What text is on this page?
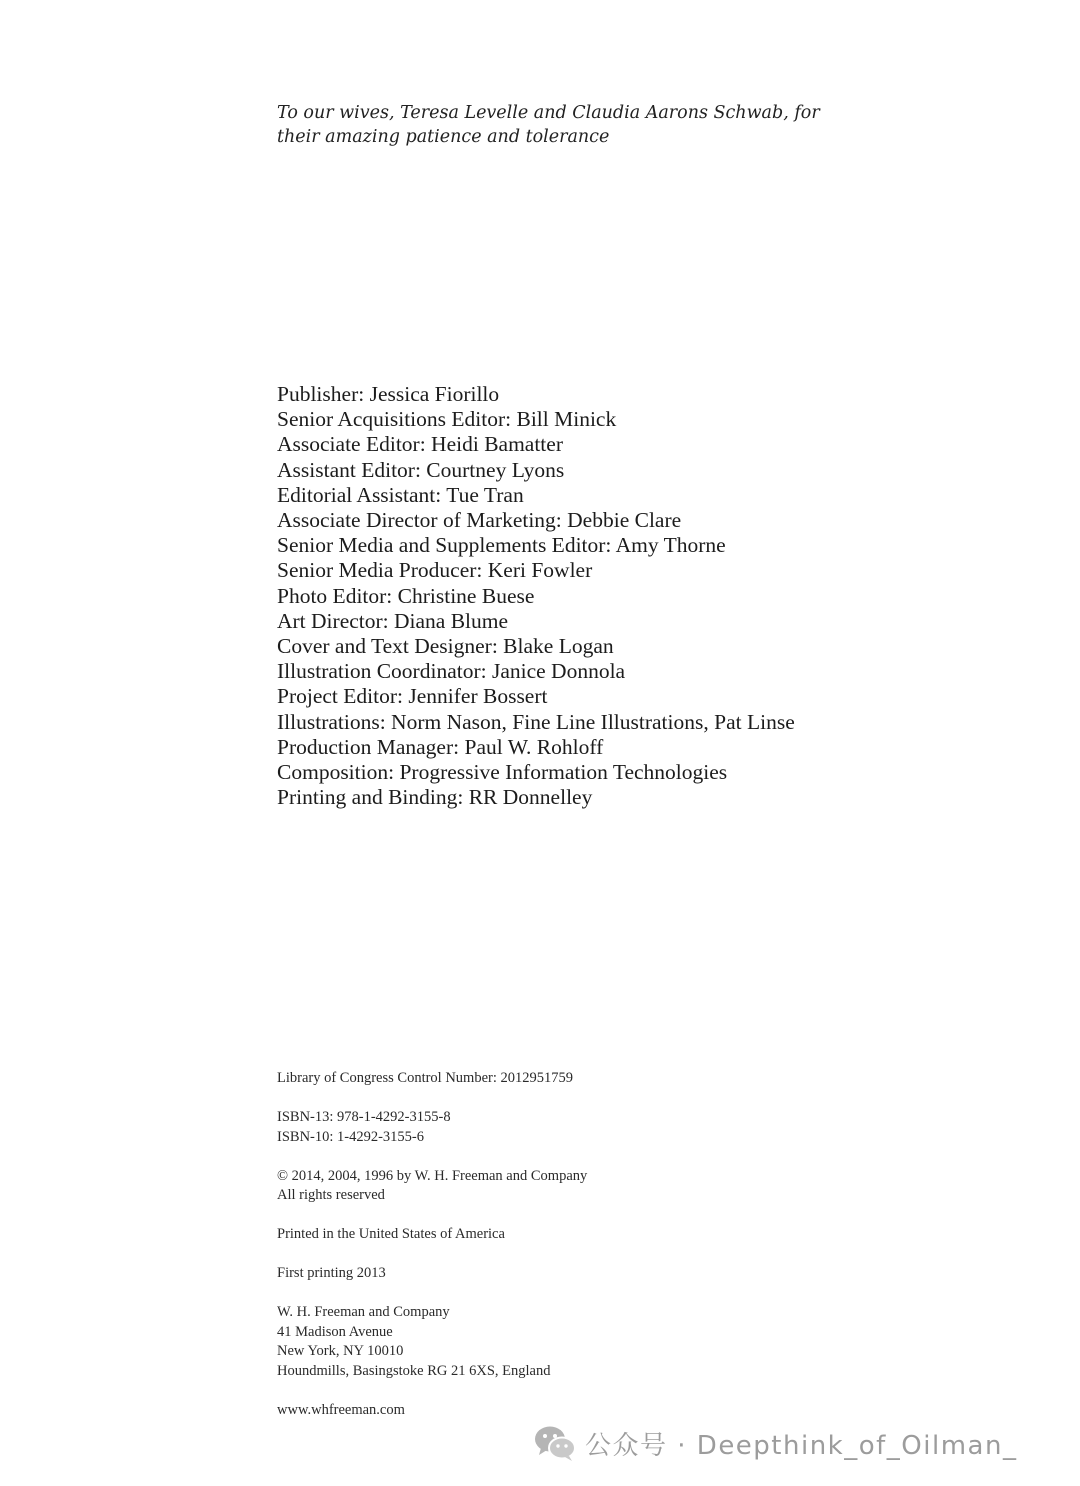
To our wives, Teresa Levelle and Claudia Aarons Schwab, for their amazing patience and tolerance
Publisher: Jessica Fiorillo
Senior Acquisitions Editor: Bill Minick
Associate Editor: Heidi Bamatter
Assistant Editor: Courtney Lyons
Editorial Assistant: Tue Tran
Associate Director of Marketing: Debbie Clare
Senior Media and Supplements Editor: Amy Thorne
Senior Media Producer: Keri Fowler
Photo Editor: Christine Buese
Art Director: Diana Blume
Cover and Text Designer: Blake Logan
Illustration Coordinator: Janice Donnola
Project Editor: Jennifer Bossert
Illustrations: Norm Nason, Fine Line Illustrations, Pat Linse
Production Manager: Paul W. Rohloff
Composition: Progressive Information Technologies
Printing and Binding: RR Donnelley
Library of Congress Control Number: 2012951759
ISBN-13: 978-1-4292-3155-8
ISBN-10: 1-4292-3155-6
© 2014, 2004, 1996 by W. H. Freeman and Company
All rights reserved
Printed in the United States of America
First printing 2013
W. H. Freeman and Company
41 Madison Avenue
New York, NY 10010
Houndmills, Basingstoke RG 21 6XS, England
www.whfreeman.com
公众号 · Deepthink_of_Oilman_
